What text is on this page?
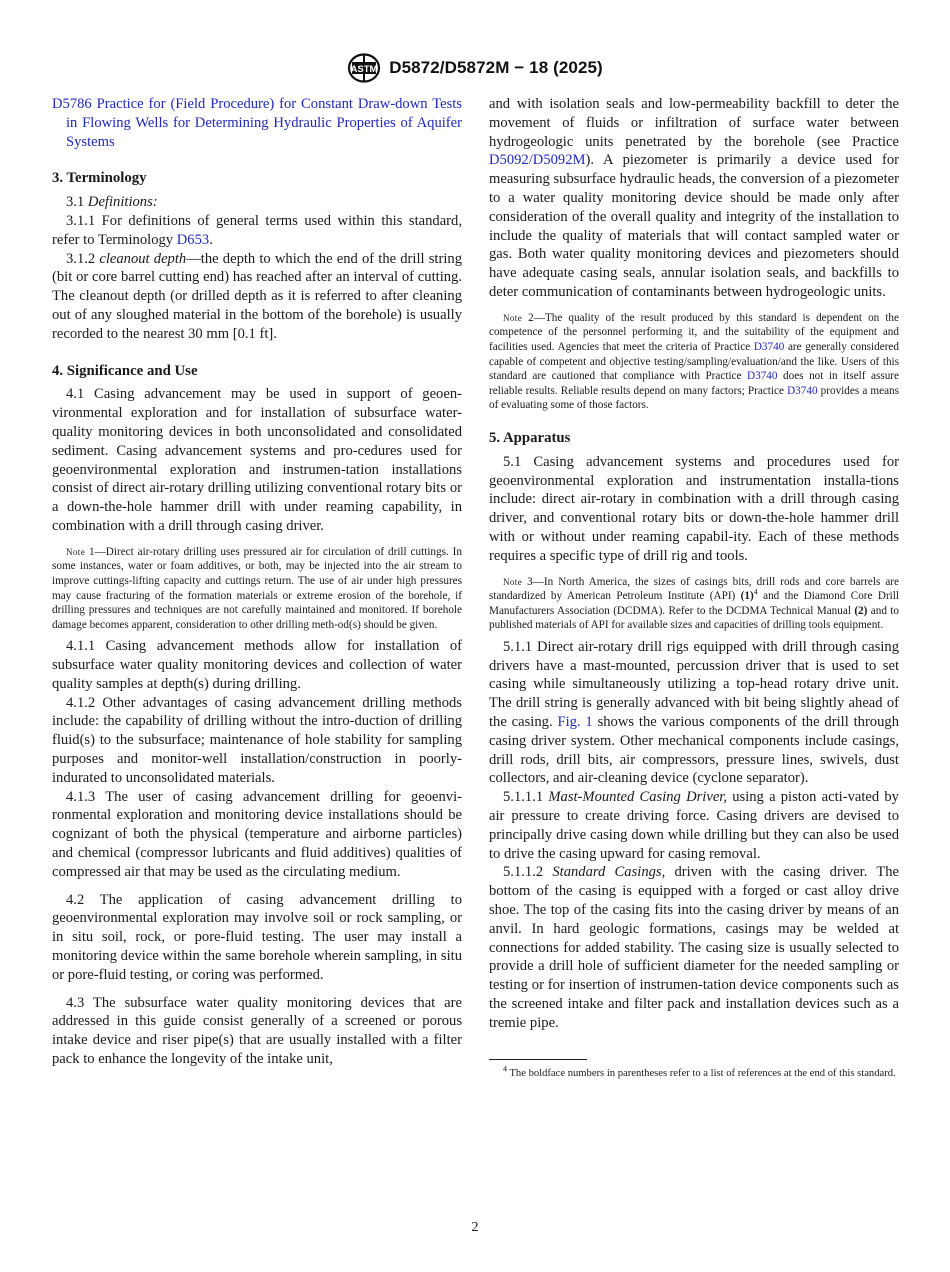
ASTM D5872/D5872M − 18 (2025)

D5786 Practice for (Field Procedure) for Constant Draw-down Tests in Flowing Wells for Determining Hydraulic Properties of Aquifer Systems

3. Terminology

3.1 Definitions:

3.1.1 For definitions of general terms used within this standard, refer to Terminology D653.

3.1.2 cleanout depth—the depth to which the end of the drill string (bit or core barrel cutting end) has reached after an interval of cutting. The cleanout depth (or drilled depth as it is referred to after cleaning out of any sloughed material in the bottom of the borehole) is usually recorded to the nearest 30 mm [0.1 ft].

4. Significance and Use

4.1 Casing advancement may be used in support of geoen-vironmental exploration and for installation of subsurface water-quality monitoring devices in both unconsolidated and consolidated sediment. Casing advancement systems and pro-cedures used for geoenvironmental exploration and instrumen-tation installations consist of direct air-rotary drilling utilizing conventional rotary bits or a down-the-hole hammer drill with under reaming capability, in combination with a drill through casing driver.

Note 1—Direct air-rotary drilling uses pressured air for circulation of drill cuttings. In some instances, water or foam additives, or both, may be injected into the air stream to improve cuttings-lifting capacity and cuttings return. The use of air under high pressures may cause fracturing of the formation materials or extreme erosion of the borehole, if drilling pressures and techniques are not carefully maintained and monitored. If borehole damage becomes apparent, consideration to other drilling meth-od(s) should be given.

4.1.1 Casing advancement methods allow for installation of subsurface water quality monitoring devices and collection of water quality samples at depth(s) during drilling.

4.1.2 Other advantages of casing advancement drilling methods include: the capability of drilling without the intro-duction of drilling fluid(s) to the subsurface; maintenance of hole stability for sampling purposes and monitor-well installation/construction in poorly-indurated to unconsolidated materials.

4.1.3 The user of casing advancement drilling for geoenvi-ronmental exploration and monitoring device installations should be cognizant of both the physical (temperature and airborne particles) and chemical (compressor lubricants and fluid additives) qualities of compressed air that may be used as the circulating medium.

4.2 The application of casing advancement drilling to geoenvironmental exploration may involve soil or rock sampling, or in situ soil, rock, or pore-fluid testing. The user may install a monitoring device within the same borehole wherein sampling, in situ or pore-fluid testing, or coring was performed.

4.3 The subsurface water quality monitoring devices that are addressed in this guide consist generally of a screened or porous intake device and riser pipe(s) that are usually installed with a filter pack to enhance the longevity of the intake unit,

and with isolation seals and low-permeability backfill to deter the movement of fluids or infiltration of surface water between hydrogeologic units penetrated by the borehole (see Practice D5092/D5092M). A piezometer is primarily a device used for measuring subsurface hydraulic heads, the conversion of a piezometer to a water quality monitoring device should be made only after consideration of the overall quality and integrity of the installation to include the quality of materials that will contact sampled water or gas. Both water quality monitoring devices and piezometers should have adequate casing seals, annular isolation seals, and backfills to deter communication of contaminants between hydrogeologic units.

Note 2—The quality of the result produced by this standard is dependent on the competence of the personnel performing it, and the suitability of the equipment and facilities used. Agencies that meet the criteria of Practice D3740 are generally considered capable of competent and objective testing/sampling/evaluation/and the like. Users of this standard are cautioned that compliance with Practice D3740 does not in itself assure reliable results. Reliable results depend on many factors; Practice D3740 provides a means of evaluating some of those factors.

5. Apparatus

5.1 Casing advancement systems and procedures used for geoenvironmental exploration and instrumentation installa-tions include: direct air-rotary in combination with a drill through casing driver, and conventional rotary bits or down-the-hole hammer drill with or without under reaming capabil-ity. Each of these methods requires a specific type of drill rig and tools.

Note 3—In North America, the sizes of casings bits, drill rods and core barrels are standardized by American Petroleum Institute (API) $(1)^4$ and the Diamond Core Drill Manufacturers Association (DCDMA). Refer to the DCDMA Technical Manual (2) and to published materials of API for available sizes and capacities of drilling tools equipment.

5.1.1 Direct air-rotary drill rigs equipped with drill through casing drivers have a mast-mounted, percussion driver that is used to set casing while simultaneously utilizing a top-head rotary drive unit. The drill string is generally advanced with bit being slightly ahead of the casing. Fig. 1 shows the various components of the drill through casing driver system. Other mechanical components include casings, drill rods, drill bits, air compressors, pressure lines, swivels, dust collectors, and air-cleaning device (cyclone separator).

5.1.1.1 Mast-Mounted Casing Driver, using a piston acti-vated by air pressure to create driving force. Casing drivers are devised to principally drive casing down while drilling but they can also be used to drive the casing upward for casing removal.

5.1.1.2 Standard Casings, driven with the casing driver. The bottom of the casing is equipped with a forged or cast alloy drive shoe. The top of the casing fits into the casing driver by means of an anvil. In hard geologic formations, casings may be welded at connections for added stability. The casing size is usually selected to provide a drill hole of sufficient diameter for the needed sampling or testing or for insertion of instrumen-tation device components such as the screened intake and filter pack and installation devices such as a tremie pipe.

$^4$ The boldface numbers in parentheses refer to a list of references at the end of this standard.

2
